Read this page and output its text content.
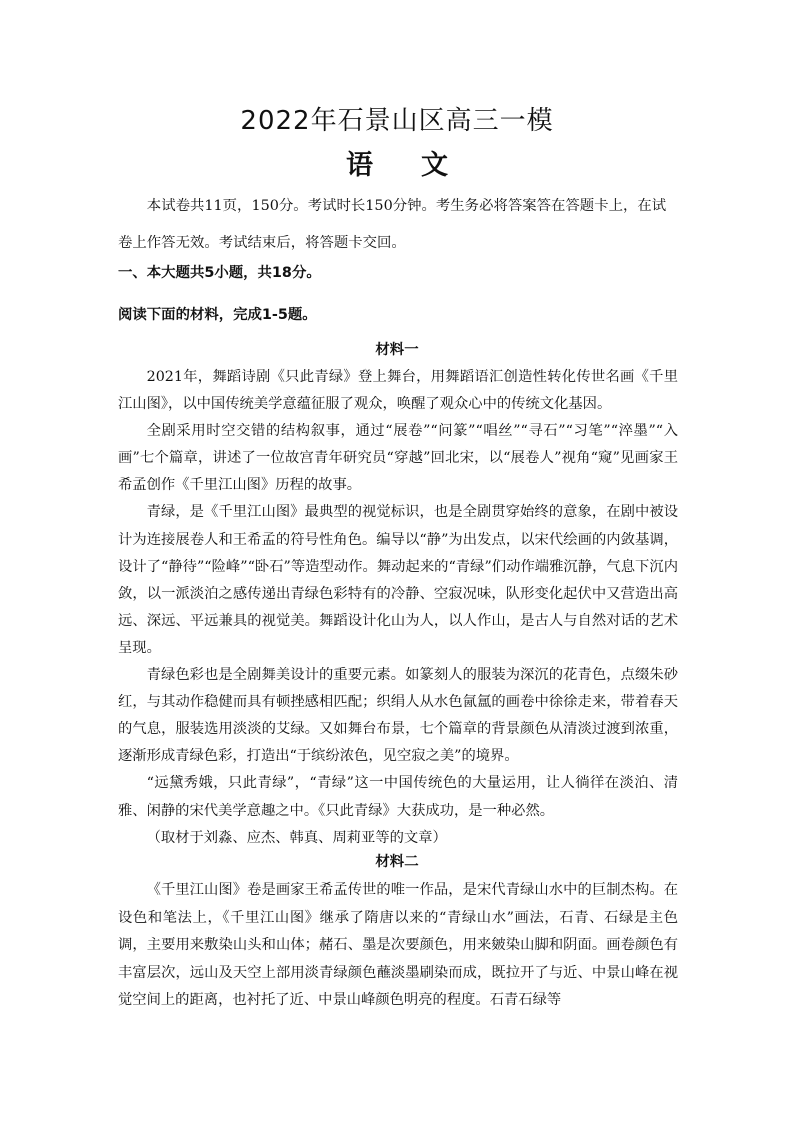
2022年石景山区高三一模
语文
本试卷共11页，150分。考试时长150分钟。考生务必将答案答在答题卡上，在试卷上作答无效。考试结束后，将答题卡交回。
一、本大题共5小题，共18分。
阅读下面的材料，完成1-5题。
材料一

2021年，舞蹈诗剧《只此青绿》登上舞台，用舞蹈语汇创造性转化传世名画《千里江山图》，以中国传统美学意蕴征服了观众，唤醒了观众心中的传统文化基因。

全剧采用时空交错的结构叙事，通过“展卷”“问篆”“唱丝”“寻石”“习笔”“淬墨”“入画”七个篇章，讲述了一位故宫青年研究员“穿越”回北宋，以“展卷人”视角“窥”见画家王希孟创作《千里江山图》历程的故事。

青绿，是《千里江山图》最典型的视觉标识，也是全剧贯穿始终的意象，在剧中被设计为连接展卷人和王希孟的符号性角色。编导以“静”为出发点，以宋代绘画的内敛基调，设计了“静待”“险峰”“卧石”等造型动作。舞动起来的“青绿”们动作端雅沉静，气息下沉内敛，以一派淡泊之感传递出青绿色彩特有的冷静、空寂况味，队形变化起伏中又营造出高远、深远、平远兼具的视觉美。舞蹈设计化山为人，以人作山，是古人与自然对话的艺术呈现。

青绿色彩也是全剧舞美设计的重要元素。如篆刻人的服装为深沉的花青色，点缀朱砂红，与其动作稳健而具有顿挫感相匹配；织绢人从水色氤氲的画卷中徐徐走来，带着春天的气息，服装选用淡淡的艾绿。又如舞台布景，七个篇章的背景颜色从清淡过渡到浓重，逐渐形成青绿色彩，打造出“于缤纷浓色，见空寂之美”的境界。

“远黛秀娥，只此青绿”，“青绿”这一中国传统色的大量运用，让人徜徉在淡泊、清雅、闲静的宋代美学意趣之中。《只此青绿》大获成功，是一种必然。

（取材于刘淼、应杰、韩真、周莉亚等的文章）

材料二

《千里江山图》卷是画家王希孟传世的唯一作品，是宋代青绿山水中的巨制杰构。在设色和笔法上，《千里江山图》继承了隋唐以来的“青绿山水”画法，石青、石绿是主色调，主要用来敷染山头和山体；赭石、墨是次要颜色，用来皴染山脚和阴面。画卷颜色有丰富层次，远山及天空上部用淡青绿颜色蘸淡墨刷染而成，既拉开了与近、中景山峰在视觉空间上的距离，也衬托了近、中景山峰颜色明亮的程度。石青石绿等
